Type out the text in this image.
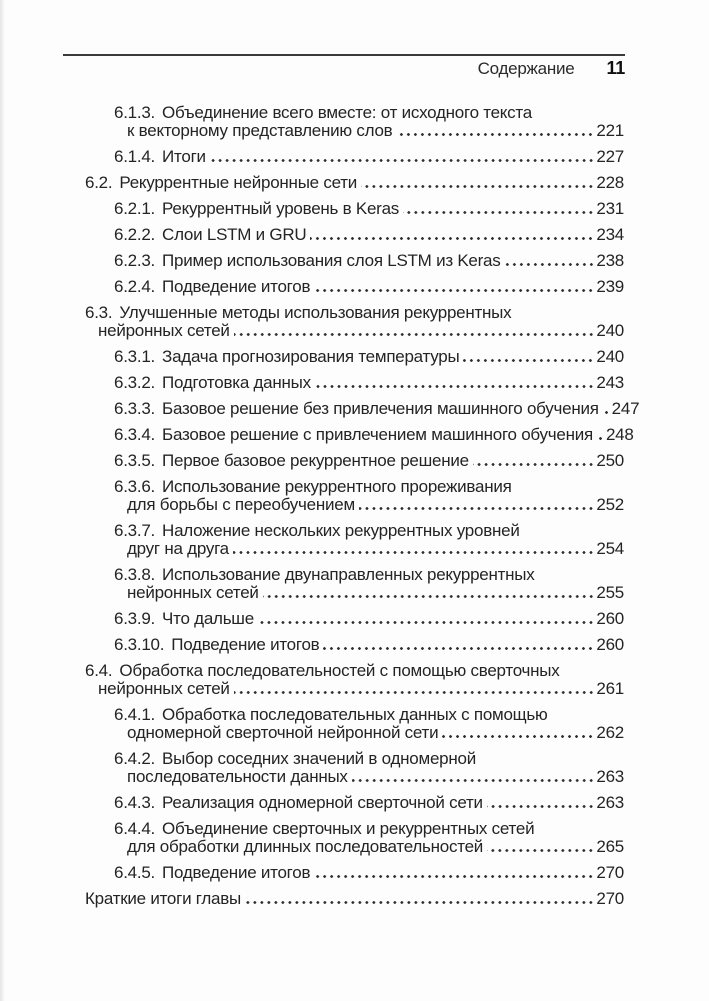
Содержание 11
6.1.3. Объединение всего вместе: от исходного текста
к векторному представлению слов	221
6.1.4. Итоги	227
6.2. Рекуррентные нейронные сети	228
6.2.1. Рекуррентный уровень в Keras	231
6.2.2. Слои LSTM и GRU	234
6.2.3. Пример использования слоя LSTM из Keras	238
6.2.4. Подведение итогов	239
6.3. Улучшенные методы использования рекуррентных
нейронных сетей	240
6.3.1. Задача прогнозирования температуры	240
6.3.2. Подготовка данных	243
6.3.3. Базовое решение без привлечения машинного обучения 247
6.3.4. Базовое решение с привлечением машинного обучения 248
6.3.5. Первое базовое рекуррентное решение	250
6.3.6. Использование рекуррентного прореживания
для борьбы с переобучением	252
6.3.7. Наложение нескольких рекуррентных уровней
друг на друга	254
6.3.8. Использование двунаправленных рекуррентных
нейронных сетей	255
6.3.9. Что дальше	260
6.3.10. Подведение итогов	260
6.4. Обработка последовательностей с помощью сверточных
нейронных сетей	261
6.4.1. Обработка последовательных данных с помощью
одномерной сверточной нейронной сети	262
6.4.2. Выбор соседних значений в одномерной
последовательности данных	263
6.4.3. Реализация одномерной сверточной сети	263
6.4.4. Объединение сверточных и рекуррентных сетей
для обработки длинных последовательностей	265
6.4.5. Подведение итогов	270
Краткие итоги главы	270
